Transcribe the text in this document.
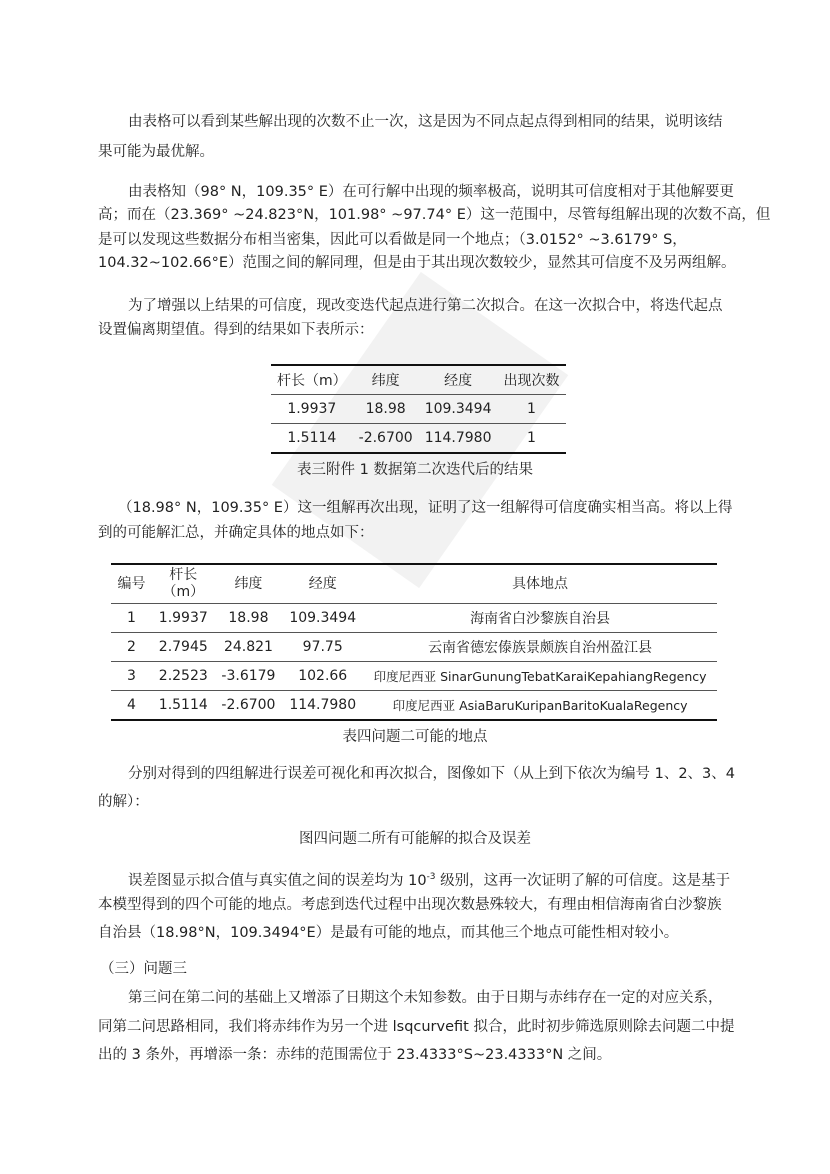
由表格可以看到某些解出现的次数不止一次，这是因为不同点起点得到相同的结果，说明该结
果可能为最优解。
由表格知（98° N，109.35° E）在可行解中出现的频率极高，说明其可信度相对于其他解要更
高；而在（23.369° ~24.823°N，101.98° ~97.74° E）这一范围中，尽管每组解出现的次数不高，但
是可以发现这些数据分布相当密集，因此可以看做是同一个地点；（3.0152° ~3.6179° S，
104.32~102.66°E）范围之间的解同理，但是由于其出现次数较少，显然其可信度不及另两组解。
为了增强以上结果的可信度，现改变迭代起点进行第二次拟合。在这一次拟合中，将迭代起点
设置偏离期望值。得到的结果如下表所示：
杆长（m）	纬度	经度	出现次数
1.9937	18.98	109.3494	1
1.5114	-2.6700	114.7980	1
表三附件 1 数据第二次迭代后的结果
（18.98° N，109.35° E）这一组解再次出现，证明了这一组解得可信度确实相当高。将以上得
到的可能解汇总，并确定具体的地点如下：
编号	杆长
（m）	纬度	经度	具体地点
1	1.9937	18.98	109.3494	海南省白沙黎族自治县
2	2.7945	24.821	97.75	云南省德宏傣族景颇族自治州盈江县
3	2.2523	-3.6179	102.66	印度尼西亚 SinarGunungTebatKaraiKepahiangRegency
4	1.5114	-2.6700	114.7980	印度尼西亚 AsiaBaruKuripanBaritoKualaRegency
表四问题二可能的地点
分别对得到的四组解进行误差可视化和再次拟合，图像如下（从上到下依次为编号 1、2、3、4
的解）：
图四问题二所有可能解的拟合及误差
误差图显示拟合值与真实值之间的误差均为 $10^{-3}$ 级别，这再一次证明了解的可信度。这是基于
本模型得到的四个可能的地点。考虑到迭代过程中出现次数悬殊较大，有理由相信海南省白沙黎族
自治县（18.98°N，109.3494°E）是最有可能的地点，而其他三个地点可能性相对较小。
（三）问题三
第三问在第二问的基础上又增添了日期这个未知参数。由于日期与赤纬存在一定的对应关系，
同第二问思路相同，我们将赤纬作为另一个进 lsqcurvefit 拟合，此时初步筛选原则除去问题二中提
出的 3 条外，再增添一条：赤纬的范围需位于 23.4333°S~23.4333°N 之间。
